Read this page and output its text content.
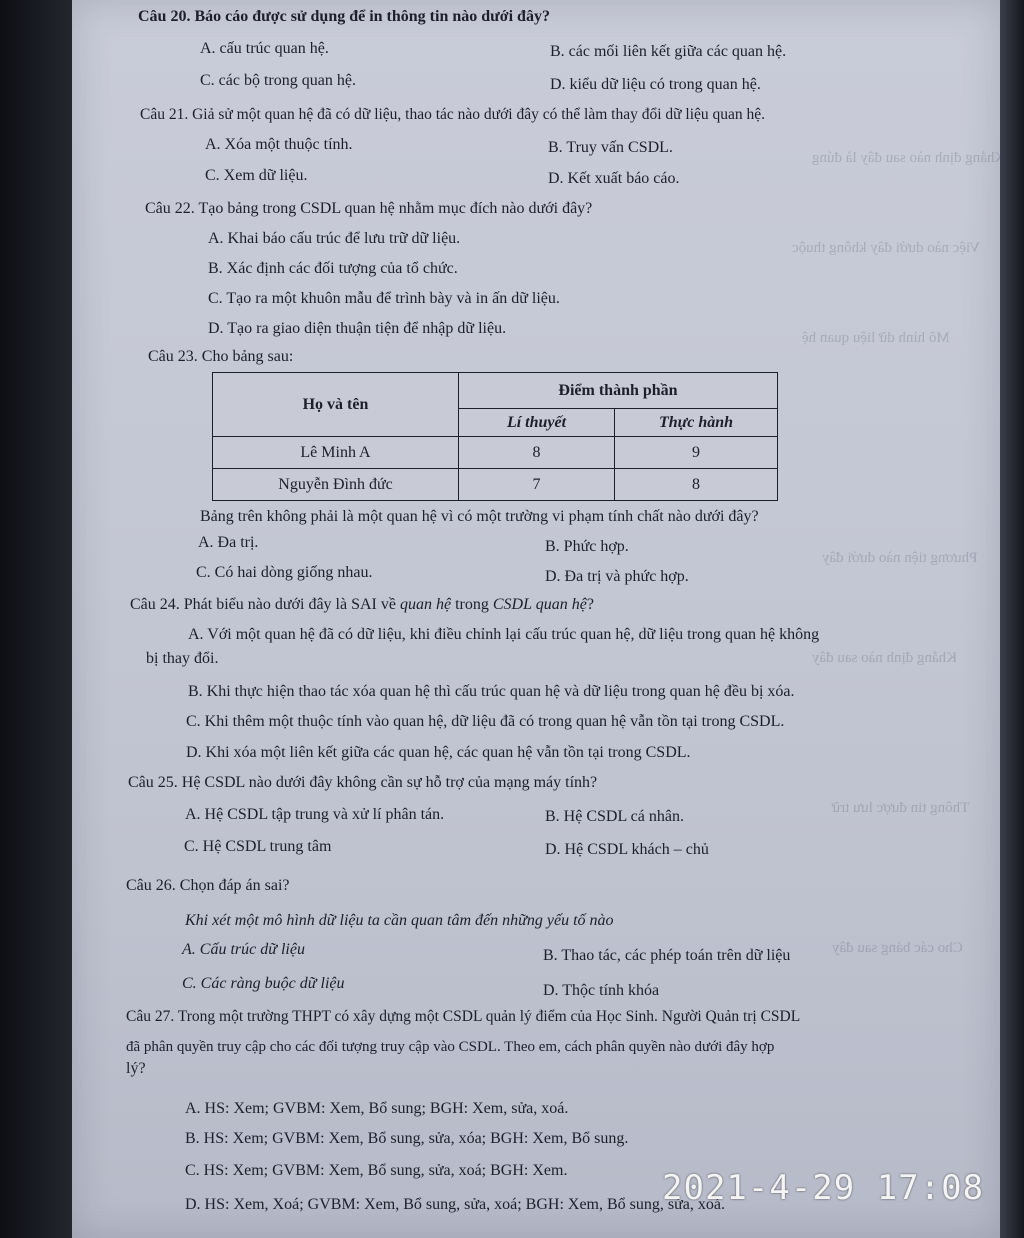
Khẳng định nào sau đây là đúng
Việc nào dưới đây không thuộc
Mô hình dữ liệu quan hệ
Phương tiện nào dưới đây
Khẳng định nào sau đây
Thông tin được lưu trữ
Cho các bảng sau đây
Câu 20. Báo cáo được sử dụng để in thông tin nào dưới đây?
A. cấu trúc quan hệ.	B. các mối liên kết giữa các quan hệ.
C. các bộ trong quan hệ.	D. kiểu dữ liệu có trong quan hệ.
Câu 21. Giả sử một quan hệ đã có dữ liệu, thao tác nào dưới đây có thể làm thay đổi dữ liệu quan hệ.
A. Xóa một thuộc tính.	B. Truy vấn CSDL.
C. Xem dữ liệu.	D. Kết xuất báo cáo.
Câu 22. Tạo bảng trong CSDL quan hệ nhằm mục đích nào dưới đây?
A. Khai báo cấu trúc để lưu trữ dữ liệu.
B. Xác định các đối tượng của tổ chức.
C. Tạo ra một khuôn mẫu để trình bày và in ấn dữ liệu.
D. Tạo ra giao diện thuận tiện để nhập dữ liệu.
Câu 23. Cho bảng sau:
Họ và tên	Điểm thành phần	
	Lí thuyết	Thực hành
Lê Minh A	8	9
Nguyễn Đình đức	7	8
Bảng trên không phải là một quan hệ vì có một trường vi phạm tính chất nào dưới đây?
A. Đa trị.	B. Phức hợp.
C. Có hai dòng giống nhau.	D. Đa trị và phức hợp.
Câu 24. Phát biểu nào dưới đây là SAI về quan hệ trong CSDL quan hệ?
A. Với một quan hệ đã có dữ liệu, khi điều chỉnh lại cấu trúc quan hệ, dữ liệu trong quan hệ không
bị thay đổi.
B. Khi thực hiện thao tác xóa quan hệ thì cấu trúc quan hệ và dữ liệu trong quan hệ đều bị xóa.
C. Khi thêm một thuộc tính vào quan hệ, dữ liệu đã có trong quan hệ vẫn tồn tại trong CSDL.
D. Khi xóa một liên kết giữa các quan hệ, các quan hệ vẫn tồn tại trong CSDL.
Câu 25. Hệ CSDL nào dưới đây không cần sự hỗ trợ của mạng máy tính?
A. Hệ CSDL tập trung và xử lí phân tán.	B. Hệ CSDL cá nhân.
C. Hệ CSDL trung tâm	D. Hệ CSDL khách – chủ
Câu 26. Chọn đáp án sai?
Khi xét một mô hình dữ liệu ta cần quan tâm đến những yếu tố nào
A. Cấu trúc dữ liệu	B. Thao tác, các phép toán trên dữ liệu
C. Các ràng buộc dữ liệu	D. Thộc tính khóa
Câu 27. Trong một trường THPT có xây dựng một CSDL quản lý điểm của Học Sinh. Người Quản trị CSDL
đã phân quyền truy cập cho các đối tượng truy cập vào CSDL. Theo em, cách phân quyền nào dưới đây hợp
lý?
A. HS: Xem; GVBM: Xem, Bổ sung; BGH: Xem, sửa, xoá.
B. HS: Xem; GVBM: Xem, Bổ sung, sửa, xóa; BGH: Xem, Bổ sung.
C. HS: Xem; GVBM: Xem, Bổ sung, sửa, xoá; BGH: Xem.
D. HS: Xem, Xoá; GVBM: Xem, Bổ sung, sửa, xoá; BGH: Xem, Bổ sung, sửa, xoá.
2021-4-29 17:08
